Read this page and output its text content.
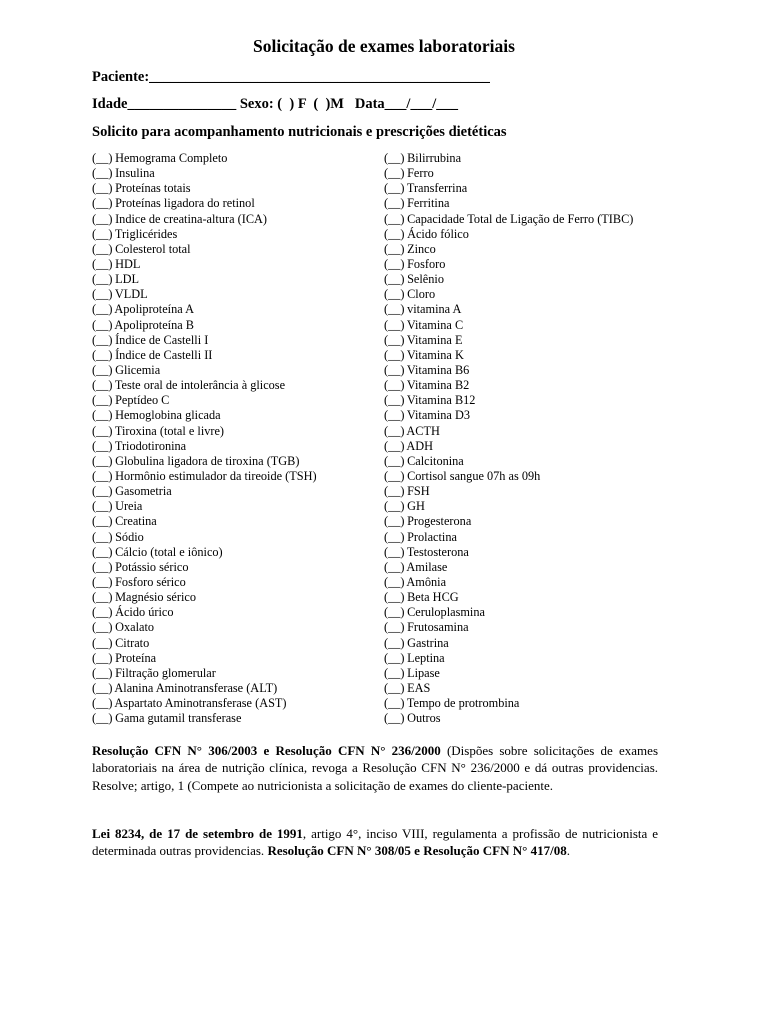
Solicitação de exames laboratoriais
Paciente:_______________________________________________
Idade_______________ Sexo: (  ) F  (  )M Data___/___/___
Solicito para acompanhamento nutricionais e prescrições dietéticas
(__) Hemograma Completo
(__) Insulina
(__) Proteínas totais
(__) Proteínas ligadora do retinol
(__) Indice de creatina-altura (ICA)
(__) Triglicérides
(__) Colesterol total
(__) HDL
(__) LDL
(__) VLDL
(__) Apoliproteína A
(__) Apoliproteína B
(__) Índice de Castelli I
(__) Índice de Castelli II
(__) Glicemia
(__) Teste oral de intolerância à glicose
(__) Peptídeo C
(__) Hemoglobina glicada
(__) Tiroxina (total e livre)
(__) Triodotironina
(__) Globulina ligadora de tiroxina (TGB)
(__) Hormônio estimulador da tireoide (TSH)
(__) Gasometria
(__) Ureia
(__) Creatina
(__) Sódio
(__) Cálcio (total e iônico)
(__) Potássio sérico
(__) Fosforo sérico
(__) Magnésio sérico
(__) Ácido úrico
(__) Oxalato
(__) Citrato
(__) Proteína
(__) Filtração glomerular
(__) Alanina Aminotransferase (ALT)
(__) Aspartato Aminotransferase (AST)
(__) Gama gutamil transferase
(__) Bilirrubina
(__) Ferro
(__) Transferrina
(__) Ferritina
(__) Capacidade Total de Ligação de Ferro (TIBC)
(__) Ácido fólico
(__) Zinco
(__) Fosforo
(__) Selênio
(__) Cloro
(__) vitamina A
(__) Vitamina C
(__) Vitamina E
(__) Vitamina K
(__) Vitamina B6
(__) Vitamina B2
(__) Vitamina B12
(__) Vitamina D3
(__) ACTH
(__) ADH
(__) Calcitonina
(__) Cortisol sangue 07h as 09h
(__) FSH
(__) GH
(__) Progesterona
(__) Prolactina
(__) Testosterona
(__) Amilase
(__) Amônia
(__) Beta HCG
(__) Ceruloplasmina
(__) Frutosamina
(__) Gastrina
(__) Leptina
(__) Lipase
(__) EAS
(__) Tempo de protrombina
(__) Outros
Resolução CFN N° 306/2003 e Resolução CFN N° 236/2000 (Dispões sobre solicitações de exames laboratoriais na área de nutrição clínica, revoga a Resolução CFN N° 236/2000 e dá outras providencias. Resolve; artigo, 1 (Compete ao nutricionista a solicitação de exames do cliente-paciente.
Lei 8234, de 17 de setembro de 1991, artigo 4°, inciso VIII, regulamenta a profissão de nutricionista e determinada outras providencias. Resolução CFN N° 308/05 e Resolução CFN N° 417/08.
